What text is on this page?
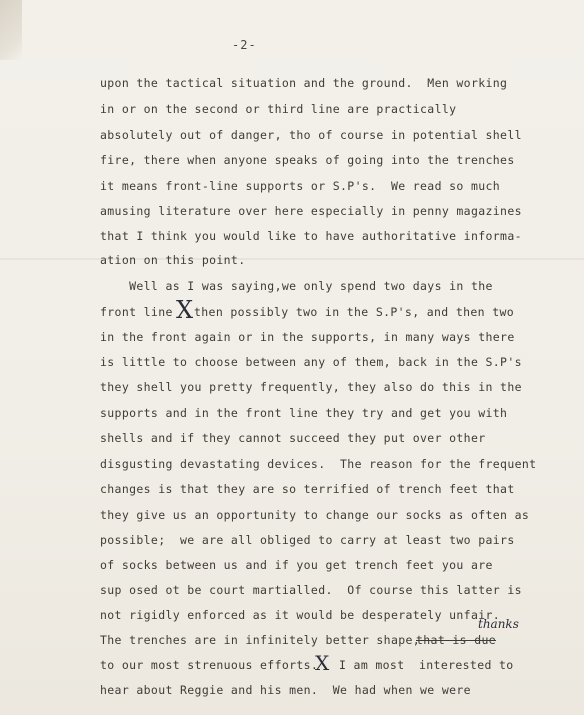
-2-
upon the tactical situation and the ground.  Men working
in or on the second or third line are practically
absolutely out of danger, tho of course in potential shell
fire, there when anyone speaks of going into the trenches
it means front-line supports or S.P's.  We read so much
amusing literature over here especially in penny magazines
that I think you would like to have authoritative informa-
ation on this point.
Well as I was saying,we only spend two days in the
front line X then possibly two in the S.P's, and then two
in the front again or in the supports, in many ways there
is little to choose between any of them, back in the S.P's
they shell you pretty frequently, they also do this in the
supports and in the front line they try and get you with
shells and if they cannot succeed they put over other
disgusting devastating devices.  The reason for the frequent
changes is that they are so terrified of trench feet that
they give us an opportunity to change our socks as often as
possible;  we are all obliged to carry at least two pairs
of socks between us and if you get trench feet you are
sup osed ot be court martialled.  Of course this latter is
not rigidly enforced as it would be desperately unfair.
The trenches are in infinitely better shape,
that is due
thanks
to our most strenuous efforts.
X I am most  interested to
hear about Reggie and his men.  We had when we were
